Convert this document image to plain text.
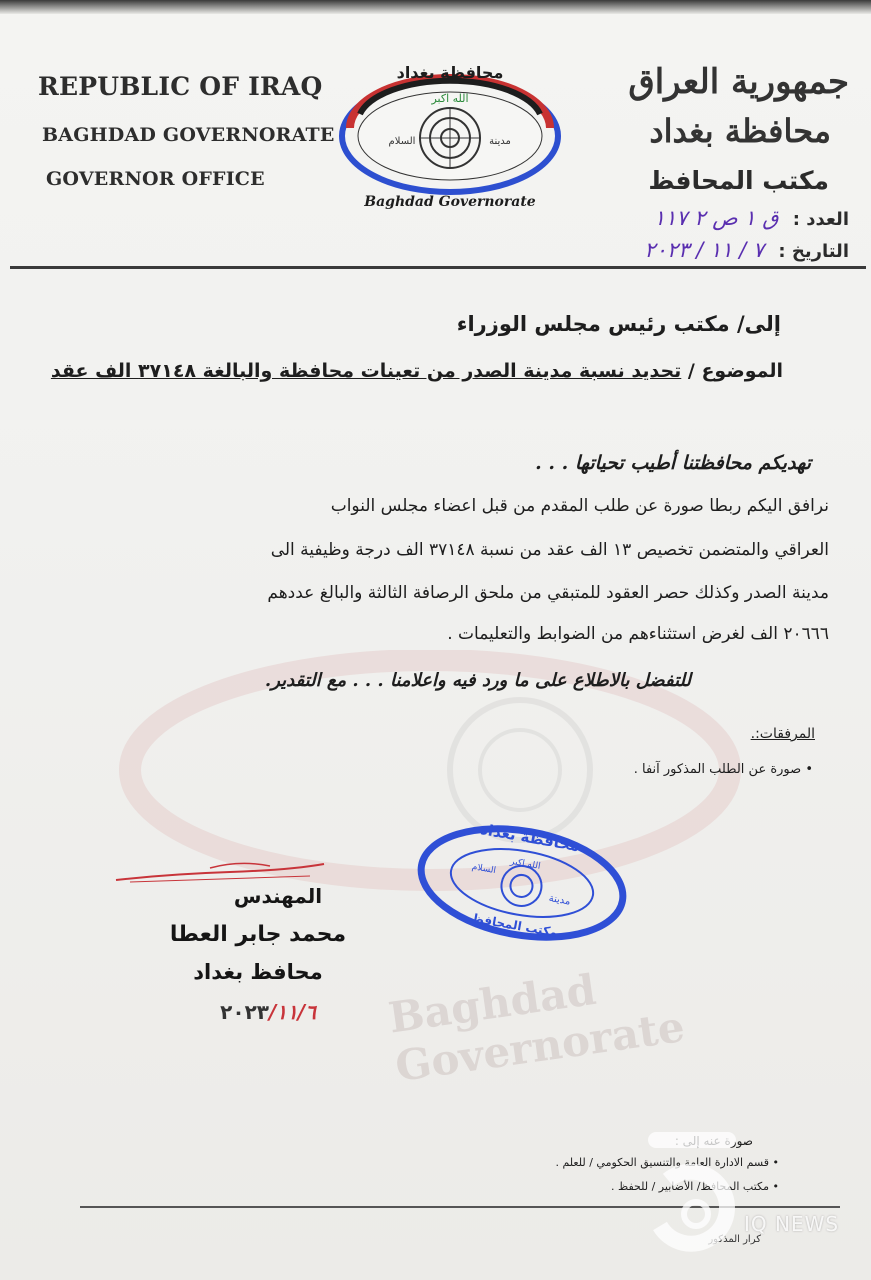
REPUBLIC OF IRAQ
BAGHDAD GOVERNORATE
GOVERNOR OFFICE
محافظة بغداد
الله اكبر
مدينة
السلام
Baghdad Governorate
جمهورية العراق
محافظة بغداد
مكتب المحافظ
العدد : ق ١ ص ٢ ١١٧
التاريخ : ٧ / ١١ / ٢٠٢٣
إلى/ مكتب رئيس مجلس الوزراء
الموضوع / تحديد نسبة مدينة الصدر من تعينات محافظة والبالغة ٣٧١٤٨ الف عقد
تهديكم محافظتنا أطيب تحياتها . . .
نرافق اليكم ربطا صورة عن طلب المقدم من قبل اعضاء مجلس النواب
العراقي والمتضمن تخصيص ١٣ الف عقد من نسبة ٣٧١٤٨ الف درجة وظيفية الى
مدينة الصدر وكذلك حصر العقود للمتبقي من ملحق الرصافة الثالثة والبالغ عددهم
٢٠٦٦٦ الف لغرض استثناءهم من الضوابط والتعليمات .
للتفضل بالاطلاع على ما ورد فيه واعلامنا . . . مع التقدير.
المرفقات:.
• صورة عن الطلب المذكور آنفا .
المهندس
محمد جابر العطا
محافظ بغداد
٢٠٢٣/١١/٦
محافظة بغداد
الله اكبر
مدينة
السلام
مكتب المحافظ
Baghdad Governorate
صورة عنه إلى :
• قسم الادارة العامة والتنسيق الحكومي / للعلم .
• مكتب المحافظ/ الأضابير / للحفظ .
كرار المذكور
IQ NEWS
